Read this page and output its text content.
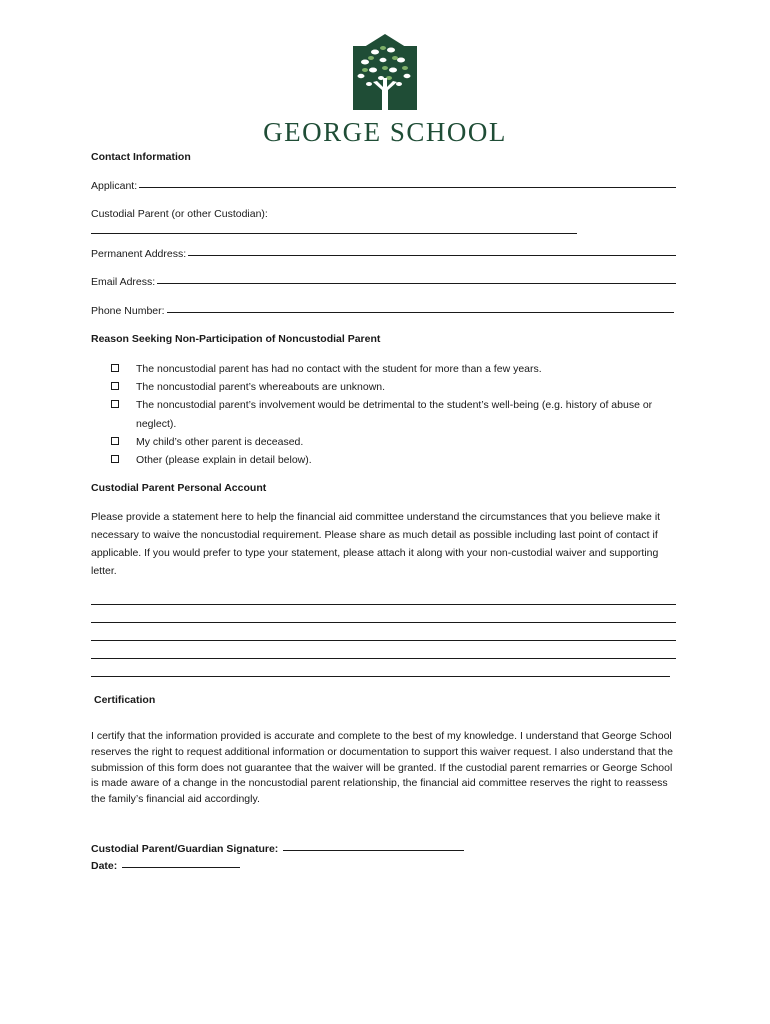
GEORGE SCHOOL
Contact Information
Applicant:
Custodial Parent (or other Custodian):
Permanent Address:
Email Adress:
Phone Number:
Reason Seeking Non-Participation of Noncustodial Parent
The noncustodial parent has had no contact with the student for more than a few years.
The noncustodial parent’s whereabouts are unknown.
The noncustodial parent’s involvement would be detrimental to the student’s well-being (e.g. history of abuse or neglect).
My child’s other parent is deceased.
Other (please explain in detail below).
Custodial Parent Personal Account
Please provide a statement here to help the financial aid committee understand the circumstances that you believe make it necessary to waive the noncustodial requirement. Please share as much detail as possible including last point of contact if applicable. If you would prefer to type your statement, please attach it along with your non-custodial waiver and supporting letter.
Certification
I certify that the information provided is accurate and complete to the best of my knowledge. I understand that George School reserves the right to request additional information or documentation to support this waiver request. I also understand that the submission of this form does not guarantee that the waiver will be granted. If the custodial parent remarries or George School is made aware of a change in the noncustodial parent relationship, the financial aid committee reserves the right to reassess the family’s financial aid accordingly.
Custodial Parent/Guardian Signature:
Date:
